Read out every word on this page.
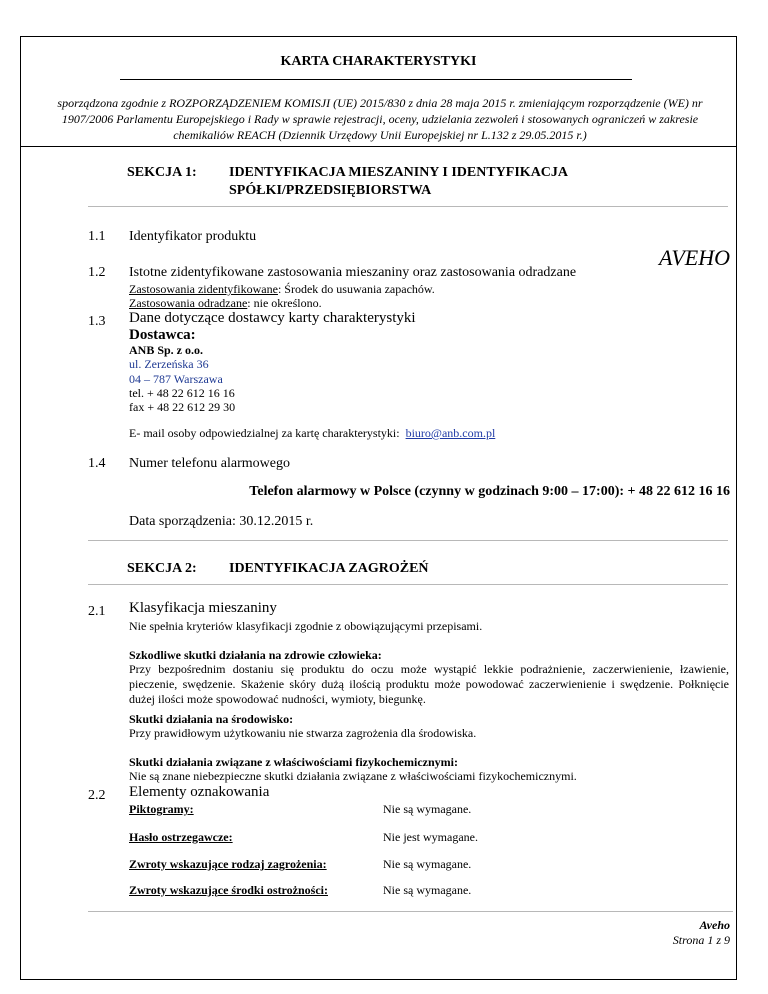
KARTA CHARAKTERYSTYKI
sporządzona zgodnie z ROZPORZĄDZENIEM KOMISJI (UE) 2015/830 z dnia 28 maja 2015 r. zmieniającym rozporządzenie (WE) nr 1907/2006 Parlamentu Europejskiego i Rady w sprawie rejestracji, oceny, udzielania zezwoleń i stosowanych ograniczeń w zakresie chemikaliów REACH (Dziennik Urzędowy Unii Europejskiej nr L.132 z 29.05.2015 r.)
SEKCJA 1: IDENTYFIKACJA MIESZANINY I IDENTYFIKACJA
SPÓŁKI/PRZEDSIĘBIORSTWA
1.1 Identyfikator produktu
AVEHO
1.2 Istotne zidentyfikowane zastosowania mieszaniny oraz zastosowania odradzane
Zastosowania zidentyfikowane: Środek do usuwania zapachów.
Zastosowania odradzane: nie określono.
1.3 Dane dotyczące dostawcy karty charakterystyki
Dostawca:
ANB Sp. z o.o.
ul. Zerzeńska 36
04 – 787 Warszawa
tel. + 48 22 612 16 16
fax + 48 22 612 29 30
E- mail osoby odpowiedzialnej za kartę charakterystyki: biuro@anb.com.pl
1.4 Numer telefonu alarmowego
Telefon alarmowy w Polsce (czynny w godzinach 9:00 – 17:00): + 48 22 612 16 16
Data sporządzenia: 30.12.2015 r.
SEKCJA 2: IDENTYFIKACJA ZAGROŻEŃ
2.1 Klasyfikacja mieszaniny
Nie spełnia kryteriów klasyfikacji zgodnie z obowiązującymi przepisami.
Szkodliwe skutki działania na zdrowie człowieka:
Przy bezpośrednim dostaniu się produktu do oczu może wystąpić lekkie podrażnienie, zaczerwienienie, łzawienie, pieczenie, swędzenie. Skażenie skóry dużą ilością produktu może powodować zaczerwienienie i swędzenie. Połknięcie dużej ilości może spowodować nudności, wymioty, biegunkę.
Skutki działania na środowisko:
Przy prawidłowym użytkowaniu nie stwarza zagrożenia dla środowiska.
Skutki działania związane z właściwościami fizykochemicznymi:
Nie są znane niebezpieczne skutki działania związane z właściwościami fizykochemicznymi.
2.2 Elementy oznakowania
Piktogramy:	Nie są wymagane.
Hasło ostrzegawcze:	Nie jest wymagane.
Zwroty wskazujące rodzaj zagrożenia:	Nie są wymagane.
Zwroty wskazujące środki ostrożności:	Nie są wymagane.
Aveho
Strona 1 z 9
